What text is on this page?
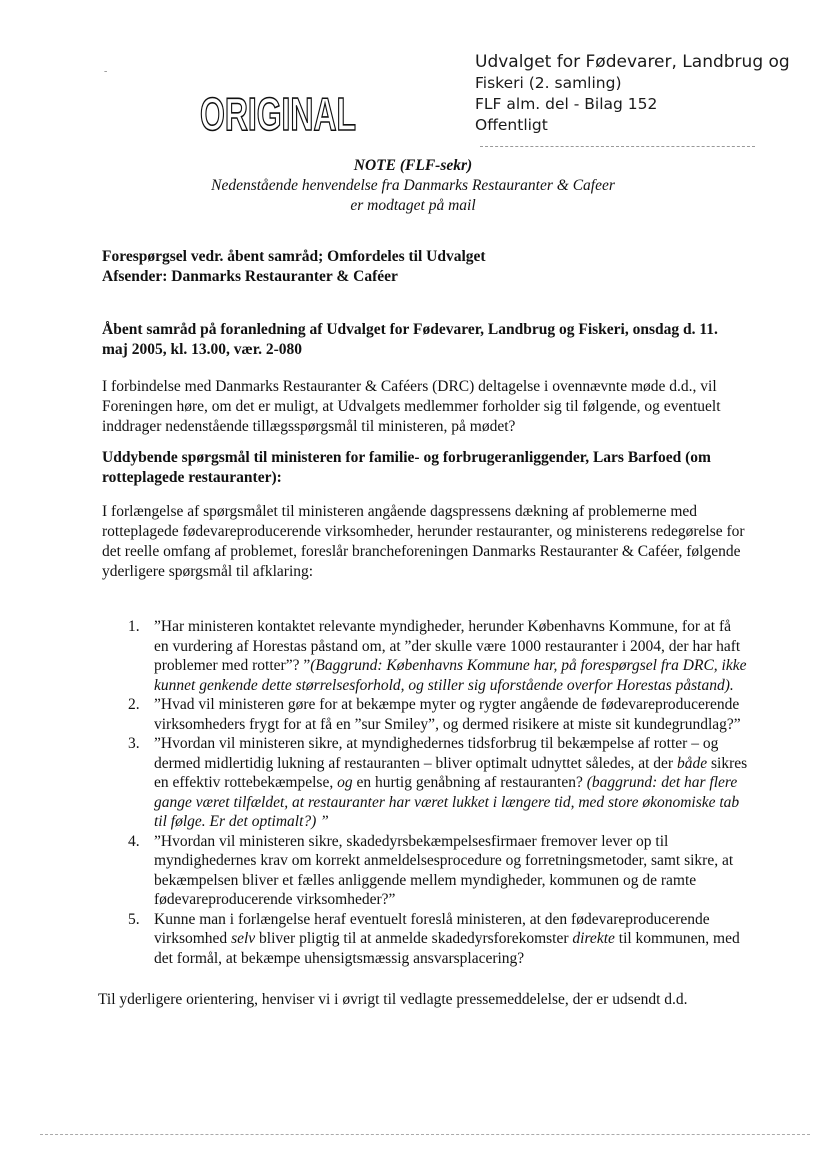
-	Udvalget for Fødevarer, Landbrug og
Fiskeri (2. samling)
FLF alm. del - Bilag 152
Offentligt
ORIGINAL
NOTE (FLF-sekr)
Nedenstående henvendelse fra Danmarks Restauranter & Cafeer
er modtaget på mail
Forespørgsel vedr. åbent samråd; Omfordeles til Udvalget
Afsender: Danmarks Restauranter & Caféer
Åbent samråd på foranledning af Udvalget for Fødevarer, Landbrug og Fiskeri, onsdag d. 11. maj 2005, kl. 13.00, vær. 2-080
I forbindelse med Danmarks Restauranter & Caféers (DRC) deltagelse i ovennævnte møde d.d., vil Foreningen høre, om det er muligt, at Udvalgets medlemmer forholder sig til følgende, og eventuelt inddrager nedenstående tillægsspørgsmål til ministeren, på mødet?
Uddybende spørgsmål til ministeren for familie- og forbrugeranliggender, Lars Barfoed (om rotteplagede restauranter):
I forlængelse af spørgsmålet til ministeren angående dagspressens dækning af problemerne med rotteplagede fødevareproducerende virksomheder, herunder restauranter, og ministerens redegørelse for det reelle omfang af problemet, foreslår brancheforeningen Danmarks Restauranter & Caféer, følgende yderligere spørgsmål til afklaring:
1. ”Har ministeren kontaktet relevante myndigheder, herunder Københavns Kommune, for at få en vurdering af Horestas påstand om, at ”der skulle være 1000 restauranter i 2004, der har haft problemer med rotter”? ”(Baggrund: Københavns Kommune har, på forespørgsel fra DRC, ikke kunnet genkende dette størrelsesforhold, og stiller sig uforstående overfor Horestas påstand).
2. ”Hvad vil ministeren gøre for at bekæmpe myter og rygter angående de fødevareproducerende virksomheders frygt for at få en ”sur Smiley”, og dermed risikere at miste sit kundegrundlag?”
3. ”Hvordan vil ministeren sikre, at myndighedernes tidsforbrug til bekæmpelse af rotter – og dermed midlertidig lukning af restauranten – bliver optimalt udnyttet således, at der både sikres en effektiv rottebekæmpelse, og en hurtig genåbning af restauranten? (baggrund: det har flere gange været tilfældet, at restauranter har været lukket i længere tid, med store økonomiske tab til følge. Er det optimalt?) ”
4. ”Hvordan vil ministeren sikre, skadedyrsbekæmpelsesfirmaer fremover lever op til myndighedernes krav om korrekt anmeldelsesprocedure og forretningsmetoder, samt sikre, at bekæmpelsen bliver et fælles anliggende mellem myndigheder, kommunen og de ramte fødevareproducerende virksomheder?”
5. Kunne man i forlængelse heraf eventuelt foreslå ministeren, at den fødevareproducerende virksomhed selv bliver pligtig til at anmelde skadedyrsforekomster direkte til kommunen, med det formål, at bekæmpe uhensigtsmæssig ansvarsplacering?
Til yderligere orientering, henviser vi i øvrigt til vedlagte pressemeddelelse, der er udsendt d.d.
